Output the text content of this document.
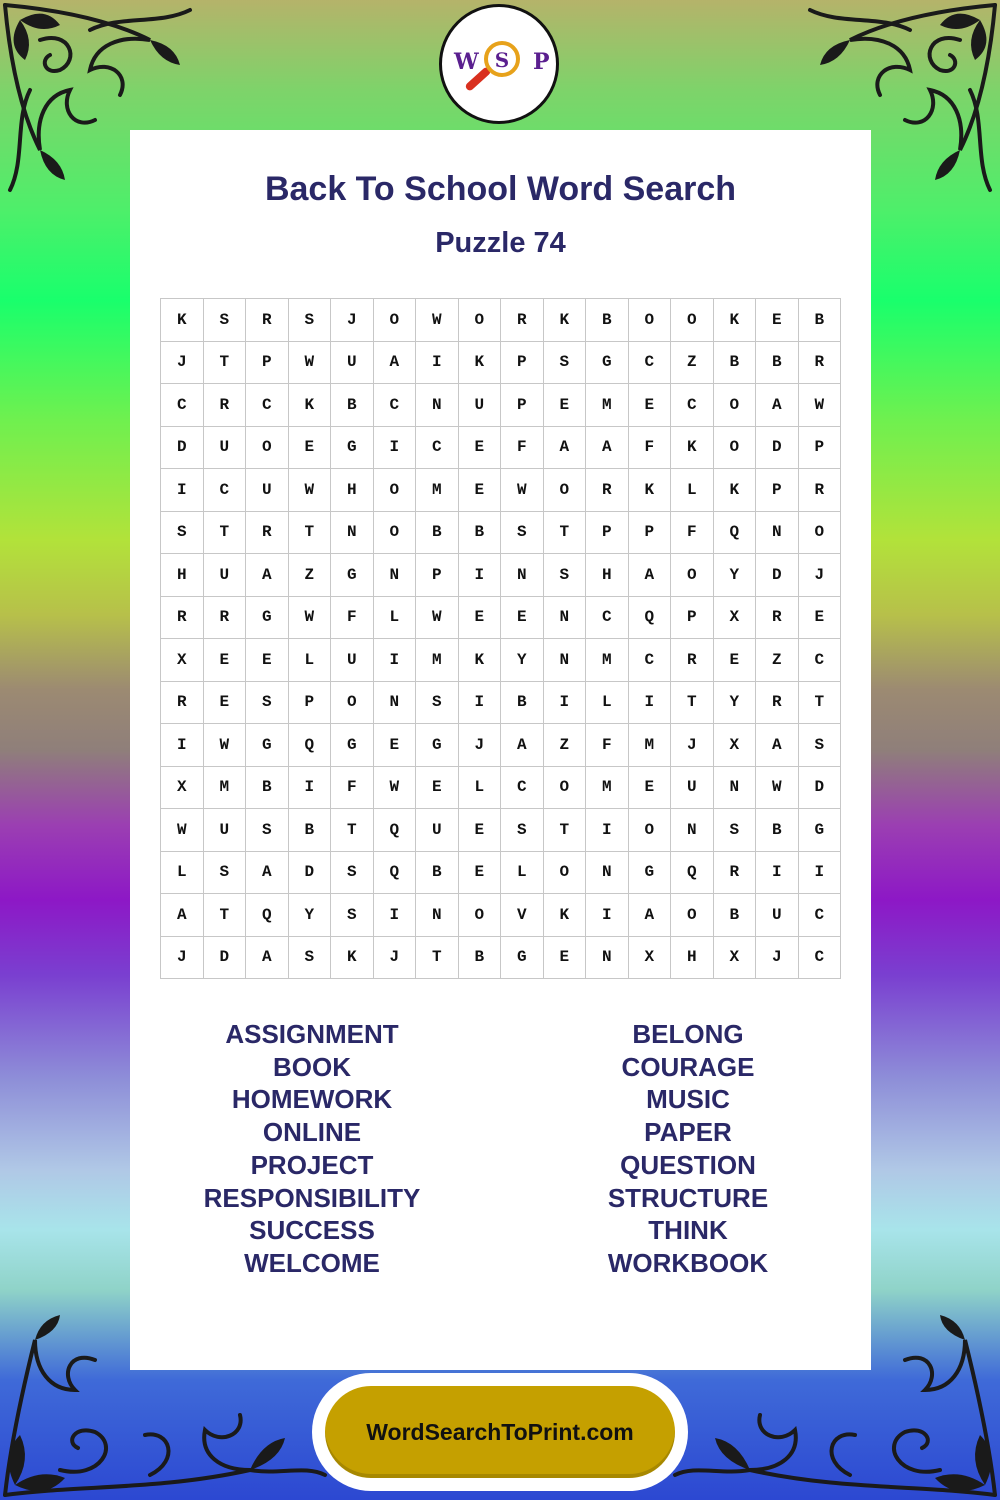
W S	P
Back To School Word Search
Puzzle 74
K	S	R	S	J	O	W	O	R	K	B	O	O	K	E	B
J	T	P	W	U	A	I	K	P	S	G	C	Z	B	B	R
C	R	C	K	B	C	N	U	P	E	M	E	C	O	A	W
D	U	O	E	G	I	C	E	F	A	A	F	K	O	D	P
I	C	U	W	H	O	M	E	W	O	R	K	L	K	P	R
S	T	R	T	N	O	B	B	S	T	P	P	F	Q	N	O
H	U	A	Z	G	N	P	I	N	S	H	A	O	Y	D	J
R	R	G	W	F	L	W	E	E	N	C	Q	P	X	R	E
X	E	E	L	U	I	M	K	Y	N	M	C	R	E	Z	C
R	E	S	P	O	N	S	I	B	I	L	I	T	Y	R	T
I	W	G	Q	G	E	G	J	A	Z	F	M	J	X	A	S
X	M	B	I	F	W	E	L	C	O	M	E	U	N	W	D
W	U	S	B	T	Q	U	E	S	T	I	O	N	S	B	G
L	S	A	D	S	Q	B	E	L	O	N	G	Q	R	I	I
A	T	Q	Y	S	I	N	O	V	K	I	A	O	B	U	C
J	D	A	S	K	J	T	B	G	E	N	X	H	X	J	C
ASSIGNMENT
BOOK
HOMEWORK
ONLINE
PROJECT
RESPONSIBILITY
SUCCESS
WELCOME
BELONG
COURAGE
MUSIC
PAPER
QUESTION
STRUCTURE
THINK
WORKBOOK
WordSearchToPrint.com
